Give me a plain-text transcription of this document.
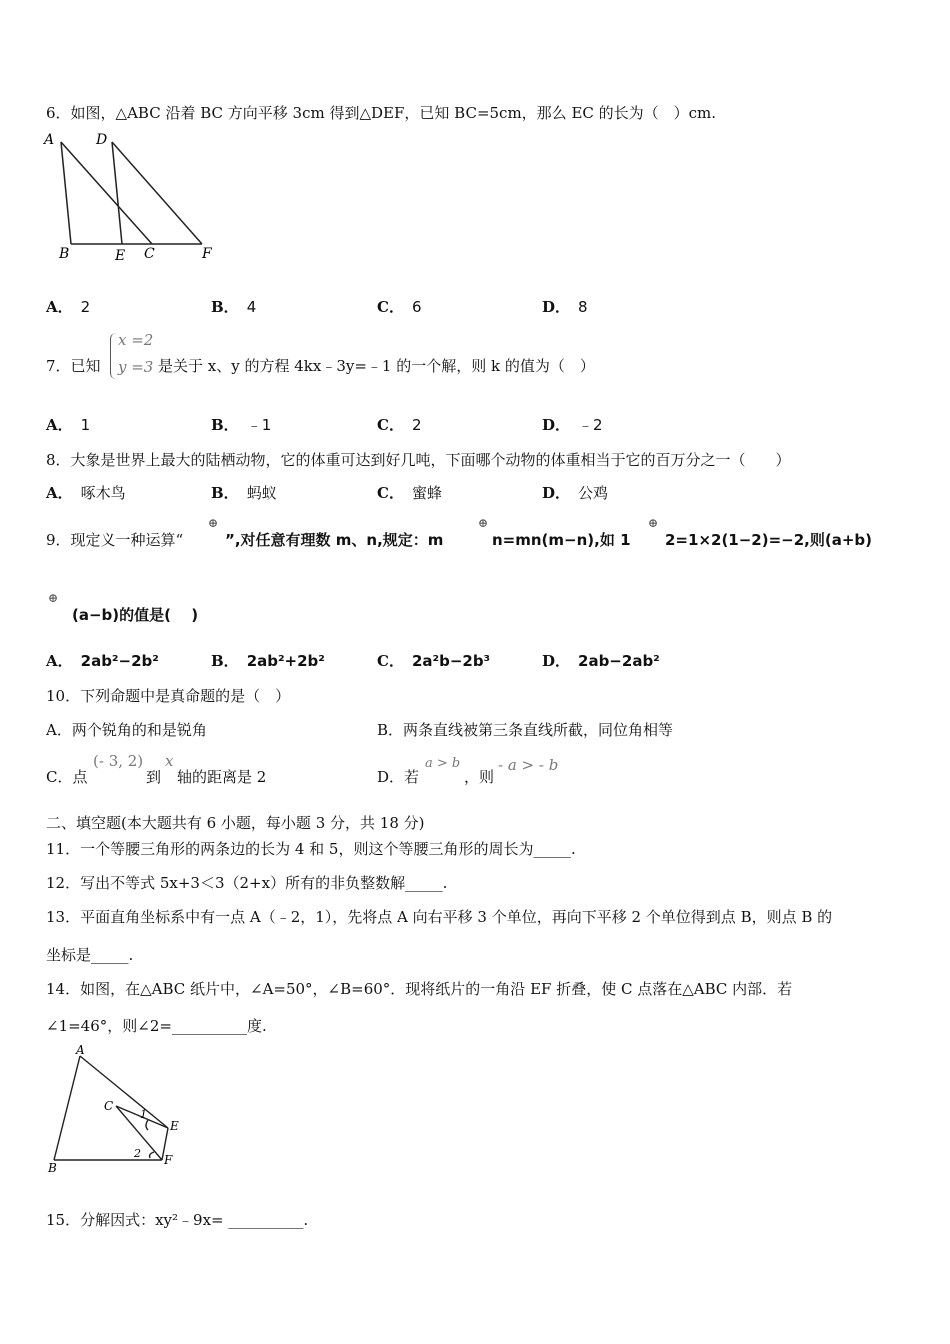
6．如图，△ABC 沿着 BC 方向平移 3cm 得到△DEF，已知 BC=5cm，那么 EC 的长为（　）cm.
A	D
B	E C	F
A． 2	B． 4	C． 6	D． 8
7．已知
x =2
y =3 是关于 x、y 的方程 4kx﹣3y=﹣1 的一个解，则 k 的值为（　）
A． 1	B． ﹣1	C． 2	D． ﹣2
8．大象是世界上最大的陆栖动物，它的体重可达到好几吨，下面哪个动物的体重相当于它的百万分之一（　　）
A． 啄木鸟	B． 蚂蚁	C． 蜜蜂	D． 公鸡
9．现定义一种运算“
⊕
”,对任意有理数 m、n,规定：m
⊕
n=mn(m−n),如 1
⊕
2=1×2(1−2)=−2,则(a+b)
⊕
(a−b)的值是(　 )
A． 2ab²−2b²	B． 2ab²+2b²	C． 2a²b−2b³	D． 2ab−2ab²
10．下列命题中是真命题的是（　）
A．两个锐角的和是锐角	B．两条直线被第三条直线所截，同位角相等
C．点
(- 3, 2)
到
x
轴的距离是 2	D．若
a > b
，则
- a > - b
二、填空题(本大题共有 6 小题，每小题 3 分，共 18 分)
11．一个等腰三角形的两条边的长为 4 和 5，则这个等腰三角形的周长为_____.
12．写出不等式 5x+3＜3（2+x）所有的非负整数解_____.
13．平面直角坐标系中有一点 A（﹣2，1），先将点 A 向右平移 3 个单位，再向下平移 2 个单位得到点 B，则点 B 的
坐标是_____.
14．如图，在△ABC 纸片中，∠A=50°，∠B=60°．现将纸片的一角沿 EF 折叠，使 C 点落在△ABC 内部．若
∠1=46°，则∠2=__________度.
A
C
1
E
B
2 F
15．分解因式：xy²﹣9x= __________.
